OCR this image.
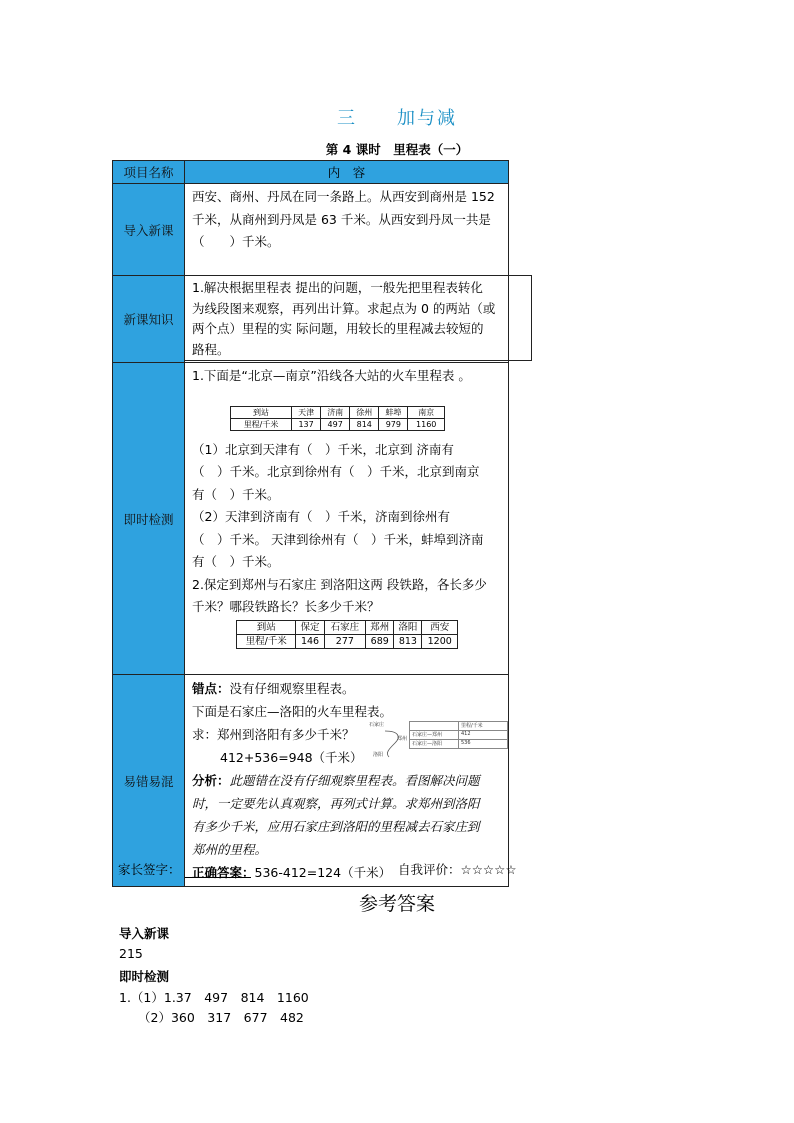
三　　加与减
第 4 课时　里程表（一）
项目名称	内　容
导入新课	
西安、商州、丹凤在同一条路上。从西安到商州是 152
千米，从商州到丹凤是 63 千米。从西安到丹凤一共是
（　　）千米。

新课知识	
1.解决根据里程表 提出的问题，一般先把里程表转化
为线段图来观察，再列出计算。求起点为 0 的两站（或
两个点）里程的实 际问题，用较长的里程减去较短的
路程。

即时检测	
1.下面是“北京—南京”沿线各大站的火车里程表 。
到站	天津	济南	徐州	蚌埠	南京
里程/千米	137	497	814	979	1160
（1）北京到天津有（　）千米，北京到 济南有
（　）千米。北京到徐州有（　）千米，北京到南京
有（　）千米。
（2）天津到济南有（　）千米，济南到徐州有
（　）千米。 天津到徐州有（　）千米，蚌埠到济南
有（　）千米。
2.保定到郑州与石家庄 到洛阳这两 段铁路，各长多少
千米？哪段铁路长？长多少千米？
到站	保定	石家庄	郑州	洛阳	西安
里程/千米	146	277	689	813	1200

易错易混	
错点：没有仔细观察里程表。
下面是石家庄—洛阳的火车里程表。
求：郑州到洛阳有多少千米？
412+536=948（千米）
分析：此题错在没有仔细观察里程表。看图解决问题
时，一定要先认真观察，再列式计算。求郑州到洛阳
有多少千米，应用石家庄到洛阳的里程减去石家庄到
郑州的里程。
正确答案：536-412=124（千米）
石家庄
郑州
洛阳
	里程/千米
石家庄—郑州	412
石家庄—洛阳	536
家长签字：	自我评价：☆☆☆☆☆
参考答案
导入新课
215
即时检测
1.（1）1.37　497　814　1160
（2）360　317　677　482
